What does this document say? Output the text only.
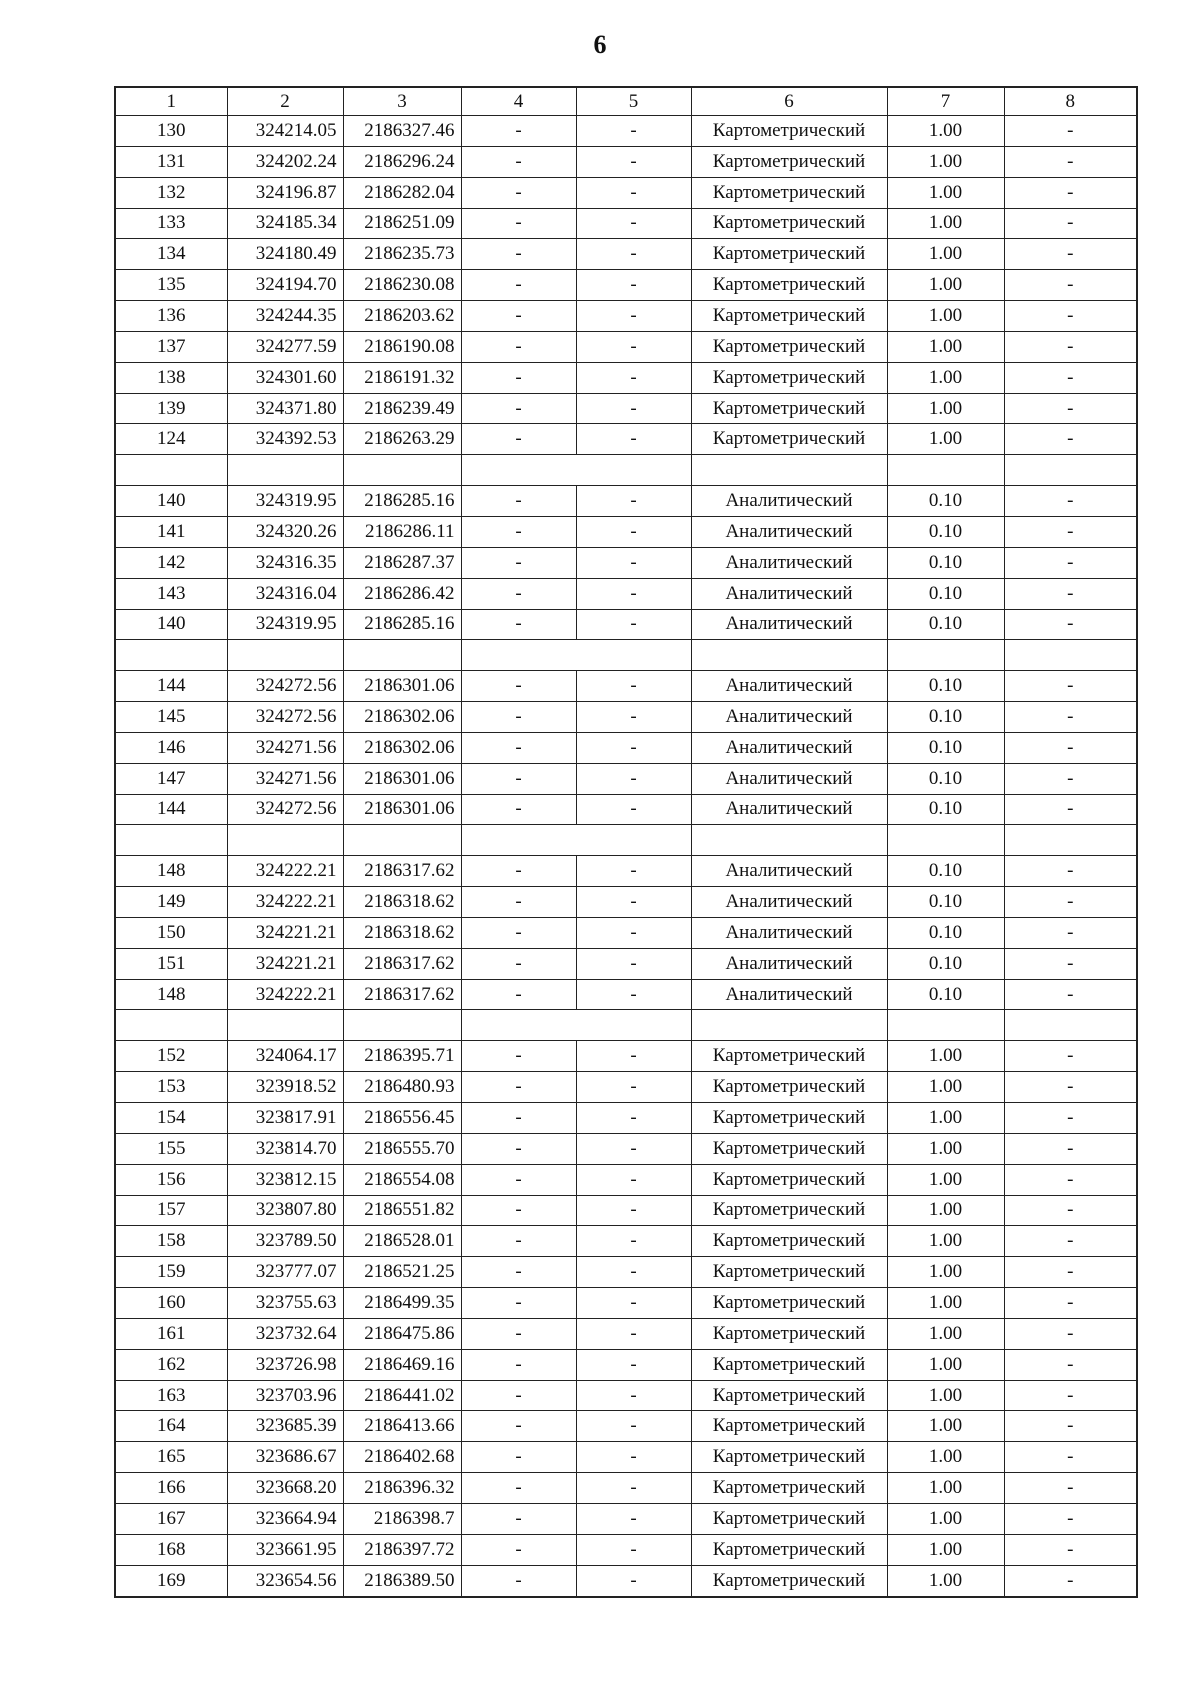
6
1	2	3	4	5	6	7	8
130	324214.05	2186327.46	-	-	Картометрический	1.00	-
131	324202.24	2186296.24	-	-	Картометрический	1.00	-
132	324196.87	2186282.04	-	-	Картометрический	1.00	-
133	324185.34	2186251.09	-	-	Картометрический	1.00	-
134	324180.49	2186235.73	-	-	Картометрический	1.00	-
135	324194.70	2186230.08	-	-	Картометрический	1.00	-
136	324244.35	2186203.62	-	-	Картометрический	1.00	-
137	324277.59	2186190.08	-	-	Картометрический	1.00	-
138	324301.60	2186191.32	-	-	Картометрический	1.00	-
139	324371.80	2186239.49	-	-	Картометрический	1.00	-
124	324392.53	2186263.29	-	-	Картометрический	1.00	-

140	324319.95	2186285.16	-	-	Аналитический	0.10	-
141	324320.26	2186286.11	-	-	Аналитический	0.10	-
142	324316.35	2186287.37	-	-	Аналитический	0.10	-
143	324316.04	2186286.42	-	-	Аналитический	0.10	-
140	324319.95	2186285.16	-	-	Аналитический	0.10	-

144	324272.56	2186301.06	-	-	Аналитический	0.10	-
145	324272.56	2186302.06	-	-	Аналитический	0.10	-
146	324271.56	2186302.06	-	-	Аналитический	0.10	-
147	324271.56	2186301.06	-	-	Аналитический	0.10	-
144	324272.56	2186301.06	-	-	Аналитический	0.10	-

148	324222.21	2186317.62	-	-	Аналитический	0.10	-
149	324222.21	2186318.62	-	-	Аналитический	0.10	-
150	324221.21	2186318.62	-	-	Аналитический	0.10	-
151	324221.21	2186317.62	-	-	Аналитический	0.10	-
148	324222.21	2186317.62	-	-	Аналитический	0.10	-

152	324064.17	2186395.71	-	-	Картометрический	1.00	-
153	323918.52	2186480.93	-	-	Картометрический	1.00	-
154	323817.91	2186556.45	-	-	Картометрический	1.00	-
155	323814.70	2186555.70	-	-	Картометрический	1.00	-
156	323812.15	2186554.08	-	-	Картометрический	1.00	-
157	323807.80	2186551.82	-	-	Картометрический	1.00	-
158	323789.50	2186528.01	-	-	Картометрический	1.00	-
159	323777.07	2186521.25	-	-	Картометрический	1.00	-
160	323755.63	2186499.35	-	-	Картометрический	1.00	-
161	323732.64	2186475.86	-	-	Картометрический	1.00	-
162	323726.98	2186469.16	-	-	Картометрический	1.00	-
163	323703.96	2186441.02	-	-	Картометрический	1.00	-
164	323685.39	2186413.66	-	-	Картометрический	1.00	-
165	323686.67	2186402.68	-	-	Картометрический	1.00	-
166	323668.20	2186396.32	-	-	Картометрический	1.00	-
167	323664.94	2186398.7	-	-	Картометрический	1.00	-
168	323661.95	2186397.72	-	-	Картометрический	1.00	-
169	323654.56	2186389.50	-	-	Картометрический	1.00	-
